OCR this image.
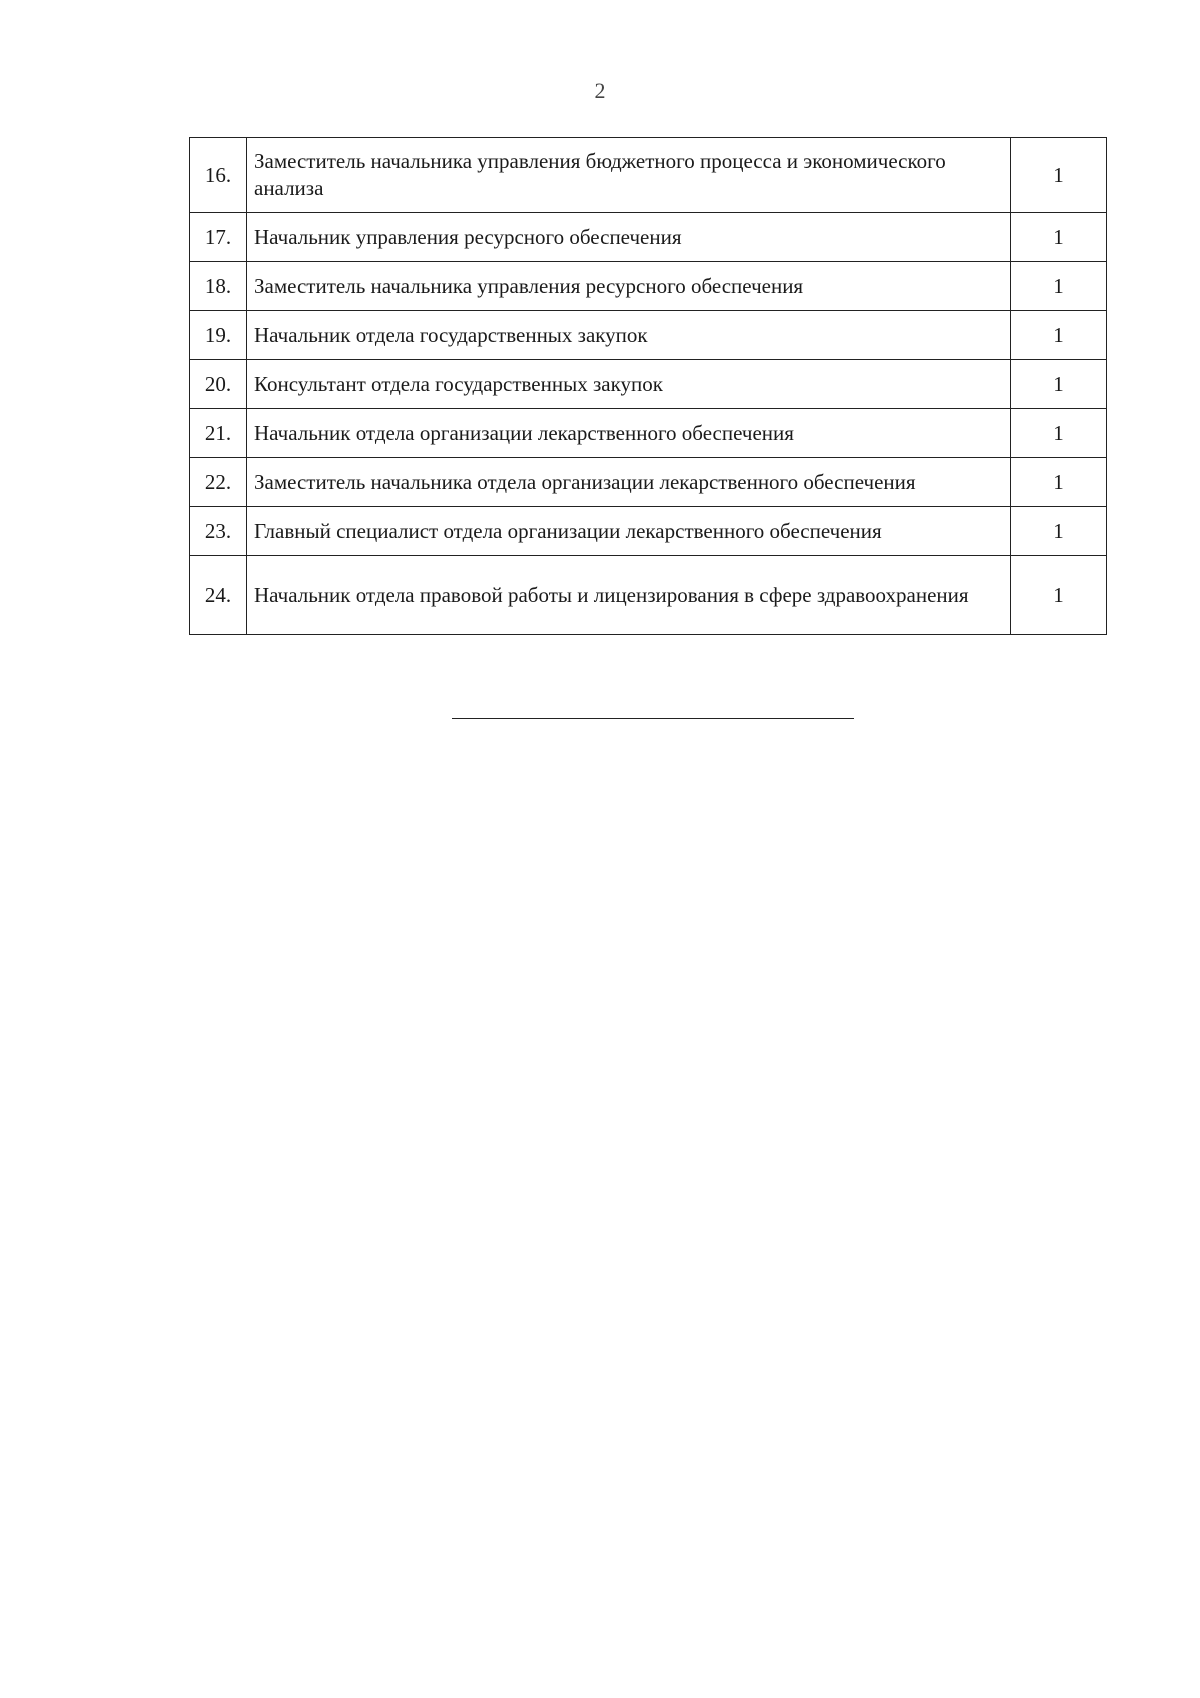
2
16.	Заместитель начальника управления бюджетного процесса и экономического анализа	1
17.	Начальник управления ресурсного обеспечения	1
18.	Заместитель начальника управления ресурсного обеспечения	1
19.	Начальник отдела государственных закупок	1
20.	Консультант отдела государственных закупок	1
21.	Начальник отдела организации лекарственного обеспечения	1
22.	Заместитель начальника отдела организации лекарственного обеспечения	1
23.	Главный специалист отдела организации лекарственного обеспечения	1
24.	Начальник отдела правовой работы и лицензирования в сфере здравоохранения	1
